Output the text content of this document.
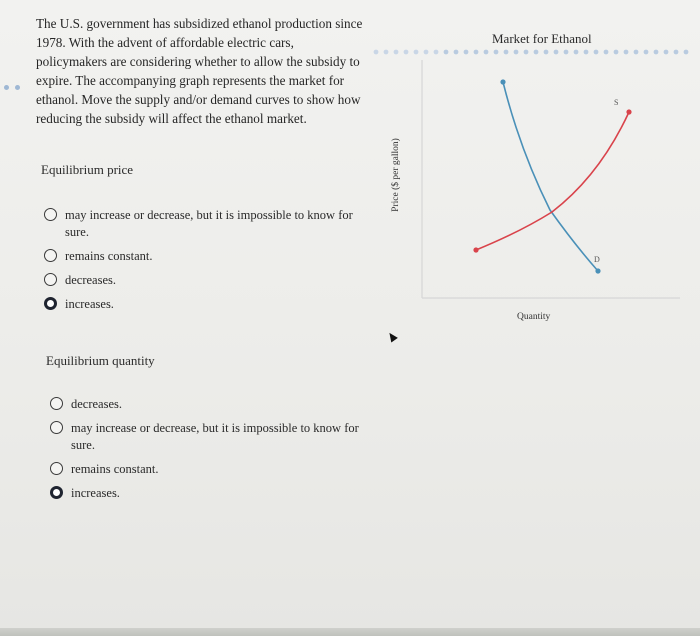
The U.S. government has subsidized ethanol production since 1978. With the advent of affordable electric cars, policymakers are considering whether to allow the subsidy to expire. The accompanying graph represents the market for ethanol. Move the supply and/or demand curves to show how reducing the subsidy will affect the ethanol market.
Equilibrium price
may increase or decrease, but it is impossible to know for sure.
remains constant.
decreases.
increases.
Equilibrium quantity
decreases.
may increase or decrease, but it is impossible to know for sure.
remains constant.
increases.
Market for Ethanol
Price ($ per gallon)
Quantity
D
S
